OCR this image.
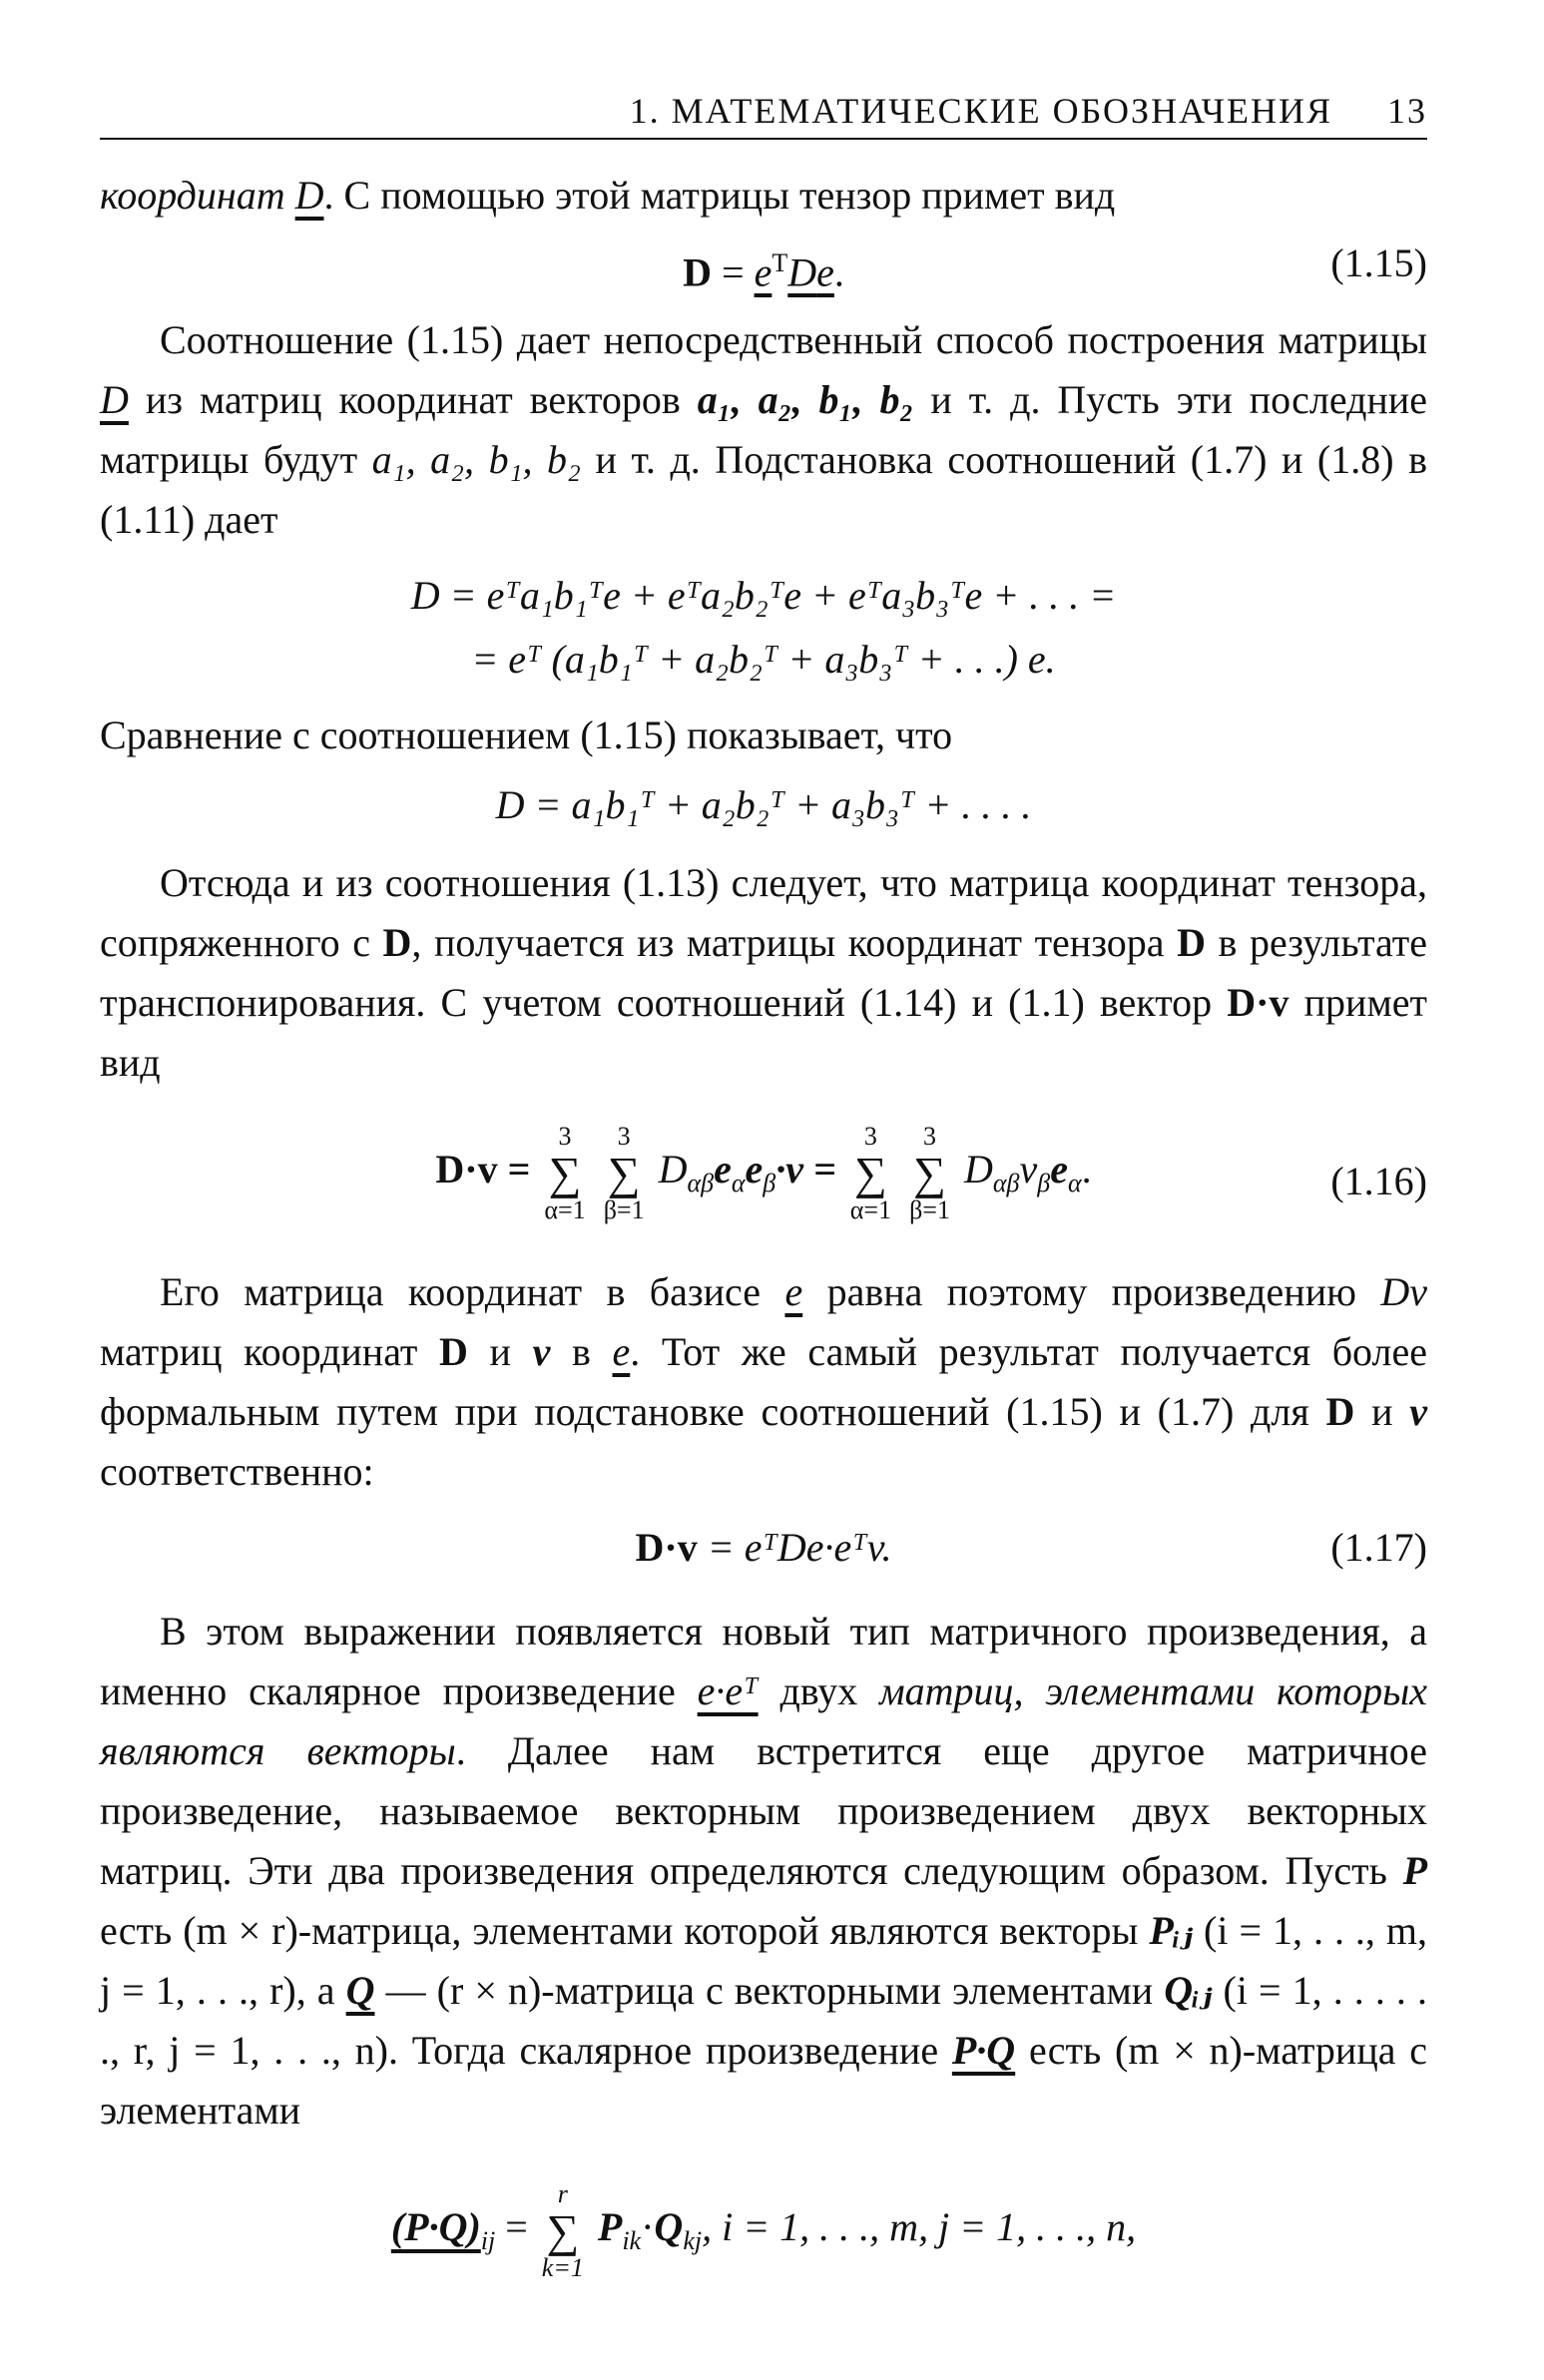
1. МАТЕМАТИЧЕСКИЕ ОБОЗНАЧЕНИЯ 13

координат D. С помощью этой матрицы тензор примет вид

$D = e^TDe$.	(1.15)

Соотношение (1.15) дает непосредственный способ построения матрицы D из матриц координат векторов a₁, a₂, b₁, b₂ и т. д. Пусть эти последние матрицы будут a₁, a₂, b₁, b₂ и т. д. Подстановка соотношений (1.7) и (1.8) в (1.11) дает

D = eᵀa₁b₁ᵀe + eᵀa₂b₂ᵀe + eᵀa₃b₃ᵀe + . . . =
= eᵀ (a₁b₁ᵀ + a₂b₂ᵀ + a₃b₃ᵀ + . . .) e.

Сравнение с соотношением (1.15) показывает, что

D = a₁b₁ᵀ + a₂b₂ᵀ + a₃b₃ᵀ + . . . .

Отсюда и из соотношения (1.13) следует, что матрица координат тензора, сопряженного с D, получается из матрицы координат тензора D в результате транспонирования. С учетом соотношений (1.14) и (1.1) вектор D·v примет вид

D·v =
3
∑
α=1

3
∑
β=1
$D_{\alpha\beta}e_\alpha e_\beta\cdot v$ =
3
∑
α=1

3
∑
β=1
$D_{\alpha\beta}v_\beta e_\alpha$.	(1.16)

Его матрица координат в базисе e равна поэтому произведению Dv матриц координат D и v в e. Тот же самый результат получается более формальным путем при подстановке соотношений (1.15) и (1.7) для D и v соответственно:

D·v = eᵀDe·eᵀv.	(1.17)

В этом выражении появляется новый тип матричного произведения, а именно скалярное произведение e·eᵀ двух матриц, элементами которых являются векторы. Далее нам встретится еще другое матричное произведение, называемое векторным произведением двух векторных матриц. Эти два произведения определяются следующим образом. Пусть P есть (m × r)-матрица, элементами которой являются векторы Pᵢⱼ (i = 1, . . ., m, j = 1, . . ., r), а Q — (r × n)-матрица с векторными элементами Qᵢⱼ (i = 1, . . . . . ., r, j = 1, . . ., n). Тогда скалярное произведение P·Q есть (m × n)-матрица с элементами

$(P\cdot Q)_{ij}$ =
r
∑
k=1
$P_{ik}\cdot Q_{kj}$, i = 1, . . ., m, j = 1, . . ., n,
